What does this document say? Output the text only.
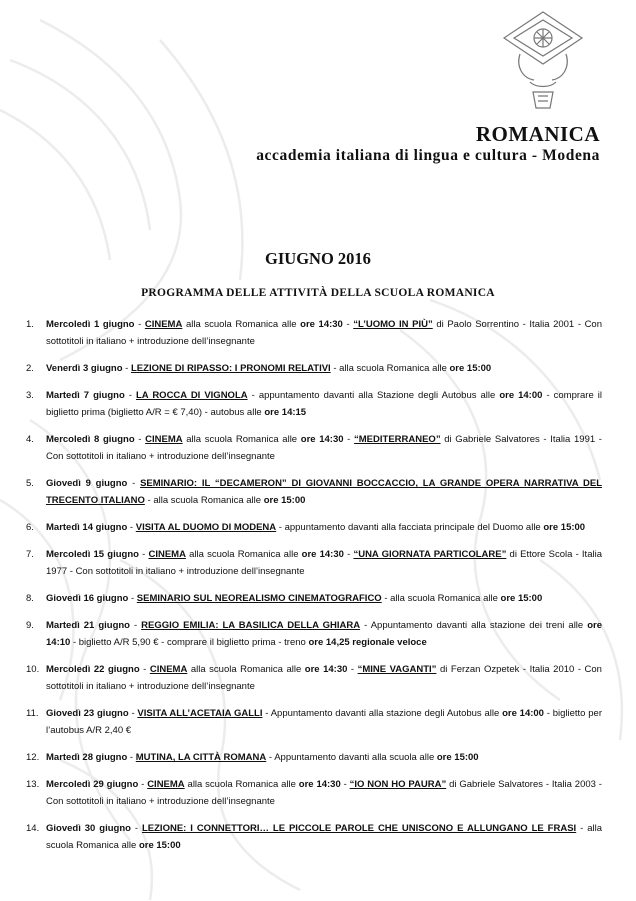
ROMANICA
accademia italiana di lingua e cultura - Modena
GIUGNO 2016
PROGRAMMA DELLE ATTIVITÀ DELLA SCUOLA ROMANICA
1.	Mercoledì 1 giugno - CINEMA alla scuola Romanica alle ore 14:30 - “L’UOMO IN PIÙ” di Paolo Sorrentino - Italia 2001 - Con sottotitoli in italiano + introduzione dell’insegnante
2.	Venerdì 3 giugno - LEZIONE DI RIPASSO: I PRONOMI RELATIVI - alla scuola Romanica alle ore 15:00
3.	Martedì 7 giugno - LA ROCCA DI VIGNOLA - appuntamento davanti alla Stazione degli Autobus alle ore 14:00 - comprare il biglietto prima (biglietto A/R = € 7,40) - autobus alle ore 14:15
4.	Mercoledì 8 giugno - CINEMA alla scuola Romanica alle ore 14:30 - “MEDITERRANEO” di Gabriele Salvatores - Italia 1991 - Con sottotitoli in italiano + introduzione dell’insegnante
5.	Giovedì 9 giugno - SEMINARIO: IL “DECAMERON” DI GIOVANNI BOCCACCIO, LA GRANDE OPERA NARRATIVA DEL TRECENTO ITALIANO - alla scuola Romanica alle ore 15:00
6.	Martedì 14 giugno - VISITA AL DUOMO DI MODENA - appuntamento davanti alla facciata principale del Duomo alle ore 15:00
7.	Mercoledì 15 giugno - CINEMA alla scuola Romanica alle ore 14:30 - “UNA GIORNATA PARTICOLARE” di Ettore Scola - Italia 1977 - Con sottotitoli in italiano + introduzione dell’insegnante
8.	Giovedì 16 giugno - SEMINARIO SUL NEOREALISMO CINEMATOGRAFICO - alla scuola Romanica alle ore 15:00
9.	Martedì 21 giugno - REGGIO EMILIA: LA BASILICA DELLA GHIARA - Appuntamento davanti alla stazione dei treni alle ore 14:10 - biglietto A/R 5,90 € - comprare il biglietto prima - treno ore 14,25 regionale veloce
10. Mercoledì 22 giugno - CINEMA alla scuola Romanica alle ore 14:30 - “MINE VAGANTI” di Ferzan Ozpetek - Italia 2010 - Con sottotitoli in italiano + introduzione dell’insegnante
11. Giovedì 23 giugno - VISITA ALL’ACETAIA GALLI - Appuntamento davanti alla stazione degli Autobus alle ore 14:00 - biglietto per l’autobus A/R 2,40 €
12. Martedì 28 giugno - MUTINA, LA CITTÀ ROMANA - Appuntamento davanti alla scuola alle ore 15:00
13. Mercoledì 29 giugno - CINEMA alla scuola Romanica alle ore 14:30 - “IO NON HO PAURA” di Gabriele Salvatores - Italia 2003 - Con sottotitoli in italiano + introduzione dell’insegnante
14. Giovedì 30 giugno - LEZIONE: I CONNETTORI… LE PICCOLE PAROLE CHE UNISCONO E ALLUNGANO LE FRASI - alla scuola Romanica alle ore 15:00
